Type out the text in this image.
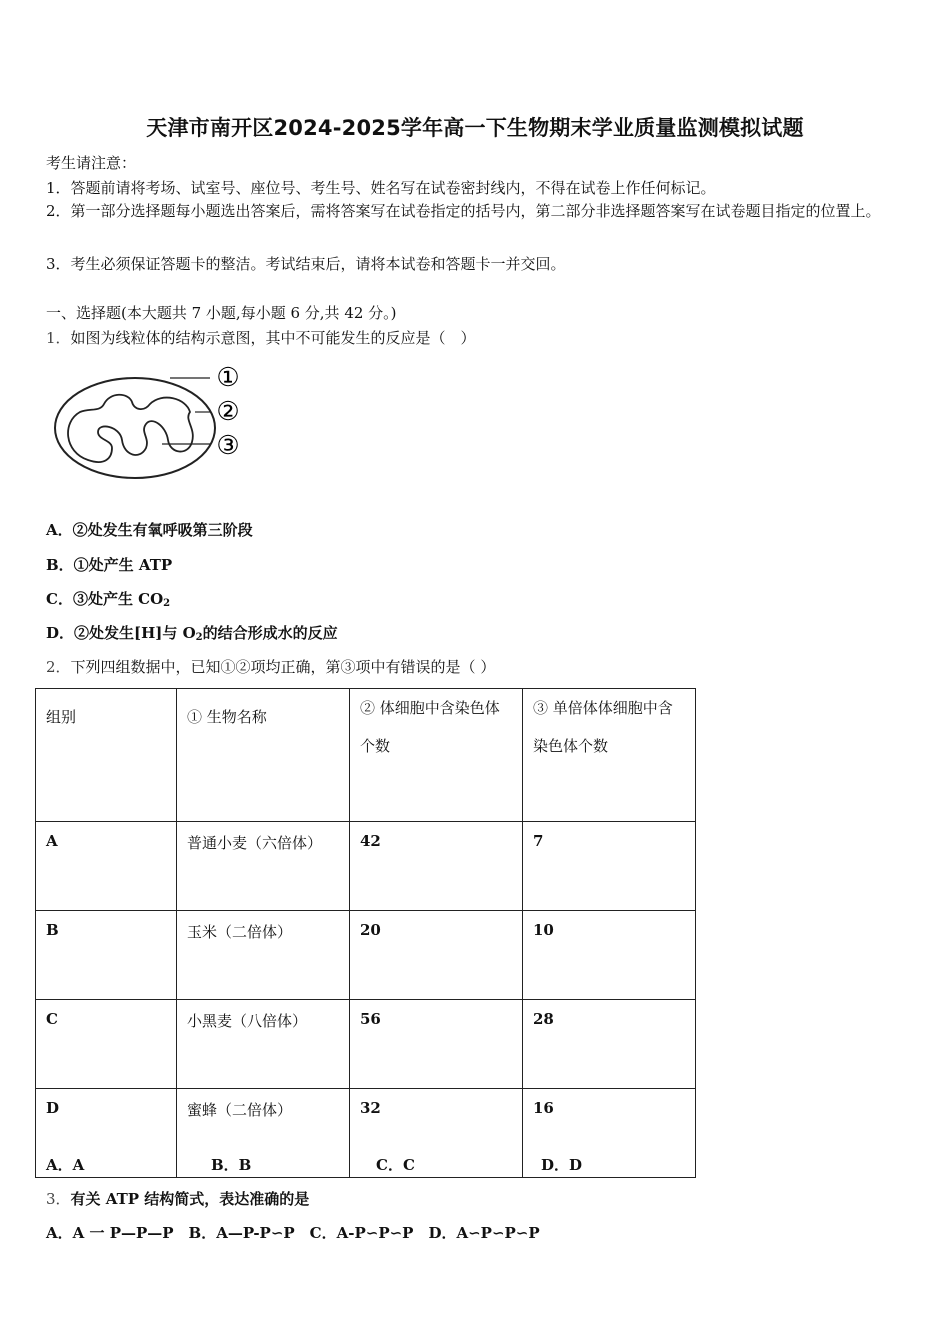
天津市南开区2024-2025学年高一下生物期末学业质量监测模拟试题
考生请注意：
1．答题前请将考场、试室号、座位号、考生号、姓名写在试卷密封线内，不得在试卷上作任何标记。
2．第一部分选择题每小题选出答案后，需将答案写在试卷指定的括号内，第二部分非选择题答案写在试卷题目指定的位置上。
3．考生必须保证答题卡的整洁。考试结束后，请将本试卷和答题卡一并交回。
一、选择题(本大题共 7 小题,每小题 6 分,共 42 分。)
1．如图为线粒体的结构示意图，其中不可能发生的反应是（　）
①
②
③
A．②处发生有氧呼吸第三阶段
B．①处产生 ATP
C．③处产生 $CO_2$
D．②处发生[H]与 $O_2$的结合形成水的反应
2．下列四组数据中，已知①②项均正确，第③项中有错误的是（ ）
组别	① 生物名称	② 体细胞中含染色体个数	③ 单倍体体细胞中含染色体个数
A	普通小麦（六倍体）	42	7
B	玉米（二倍体）	20	10
C	小黑麦（八倍体）	56	28
D	蜜蜂（二倍体）	32	16
A．A	B．B	C．C	D．D
3．有关 ATP 结构简式，表达准确的是
A．A 一 P—P—P　B．A—P-P∽P　C．A-P∽P∽P　D．A∽P∽P∽P
